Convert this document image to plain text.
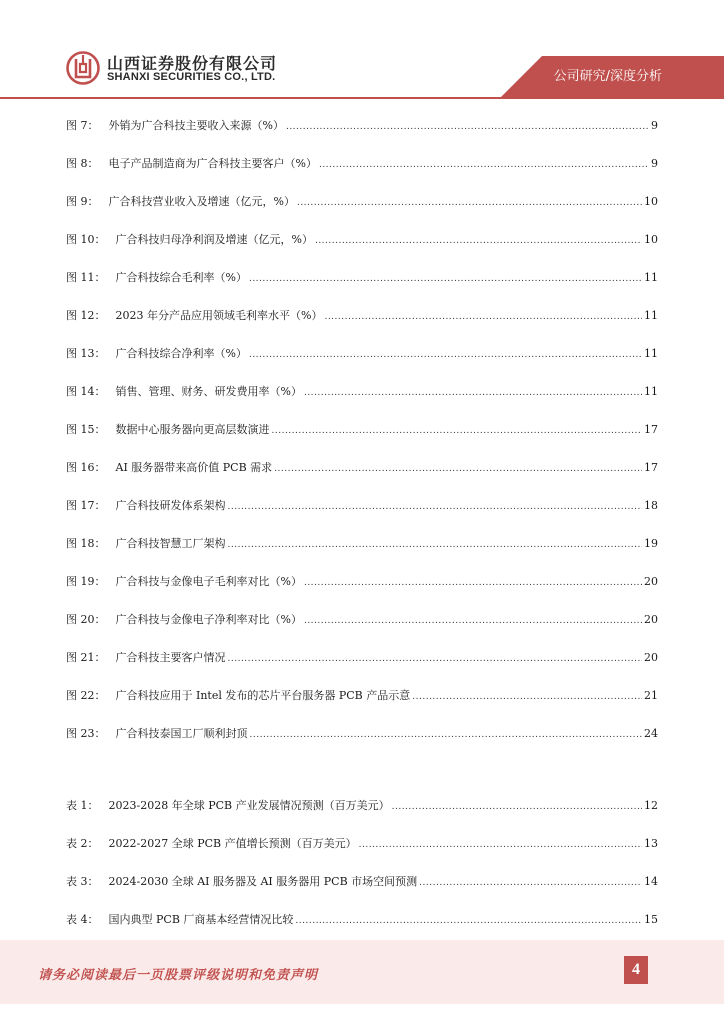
山西证券股份有限公司
SHANXI SECURITIES CO., LTD.	公司研究/深度分析
图 7： 外销为广合科技主要收入来源（%） .....	9
图 8： 电子产品制造商为广合科技主要客户（%） .....	9
图 9： 广合科技营业收入及增速（亿元，%） .....	10
图 10： 广合科技归母净利润及增速（亿元，%） .....	10
图 11： 广合科技综合毛利率（%） .....	11
图 12： 2023 年分产品应用领域毛利率水平（%） .....	11
图 13： 广合科技综合净利率（%） .....	11
图 14： 销售、管理、财务、研发费用率（%） .....	11
图 15： 数据中心服务器向更高层数演进 .....	17
图 16： AI 服务器带来高价值 PCB 需求 .....	17
图 17： 广合科技研发体系架构 .....	18
图 18： 广合科技智慧工厂架构 .....	19
图 19： 广合科技与金像电子毛利率对比（%） .....	20
图 20： 广合科技与金像电子净利率对比（%） .....	20
图 21： 广合科技主要客户情况 .....	20
图 22： 广合科技应用于 Intel 发布的芯片平台服务器 PCB 产品示意 .....	21
图 23： 广合科技泰国工厂顺利封顶 .....	24
表 1： 2023-2028 年全球 PCB 产业发展情况预测（百万美元） .....	12
表 2： 2022-2027 全球 PCB 产值增长预测（百万美元） .....	13
表 3： 2024-2030 全球 AI 服务器及 AI 服务器用 PCB 市场空间预测 .....	14
表 4： 国内典型 PCB 厂商基本经营情况比较 .....	15
.....
请务必阅读最后一页股票评级说明和免责声明	4
